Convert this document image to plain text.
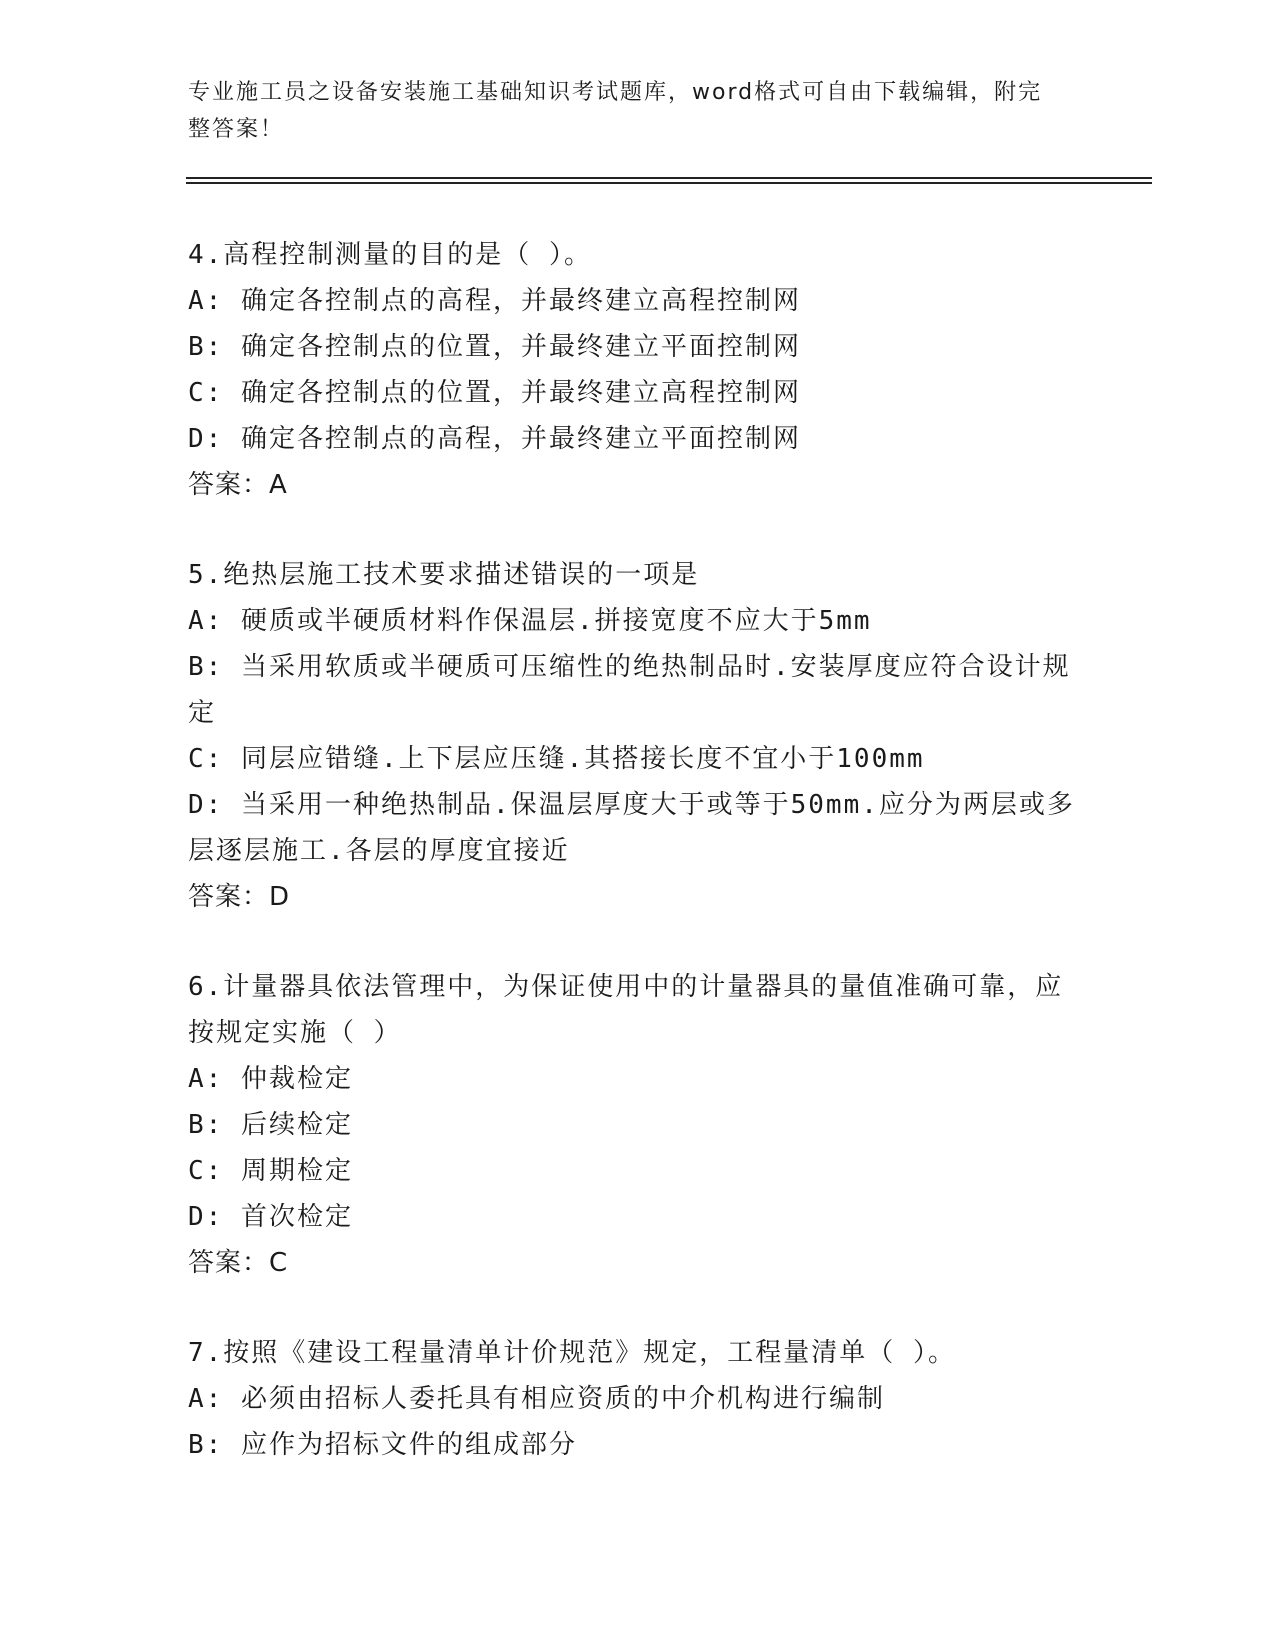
专业施工员之设备安装施工基础知识考试题库，word格式可自由下载编辑，附完
整答案！

4.高程控制测量的目的是（ ）。

A: 确定各控制点的高程，并最终建立高程控制网

B: 确定各控制点的位置，并最终建立平面控制网

C: 确定各控制点的位置，并最终建立高程控制网

D: 确定各控制点的高程，并最终建立平面控制网

答案：A

5.绝热层施工技术要求描述错误的一项是

A: 硬质或半硬质材料作保温层.拼接宽度不应大于5mm

B: 当采用软质或半硬质可压缩性的绝热制品时.安装厚度应符合设计规定

C: 同层应错缝.上下层应压缝.其搭接长度不宜小于100mm

D: 当采用一种绝热制品.保温层厚度大于或等于50mm.应分为两层或多层逐层施工.各层的厚度宜接近

答案：D

6.计量器具依法管理中，为保证使用中的计量器具的量值准确可靠，应按规定实施（ ）

A: 仲裁检定

B: 后续检定

C: 周期检定

D: 首次检定

答案：C

7.按照《建设工程量清单计价规范》规定，工程量清单（ ）。

A: 必须由招标人委托具有相应资质的中介机构进行编制

B: 应作为招标文件的组成部分
